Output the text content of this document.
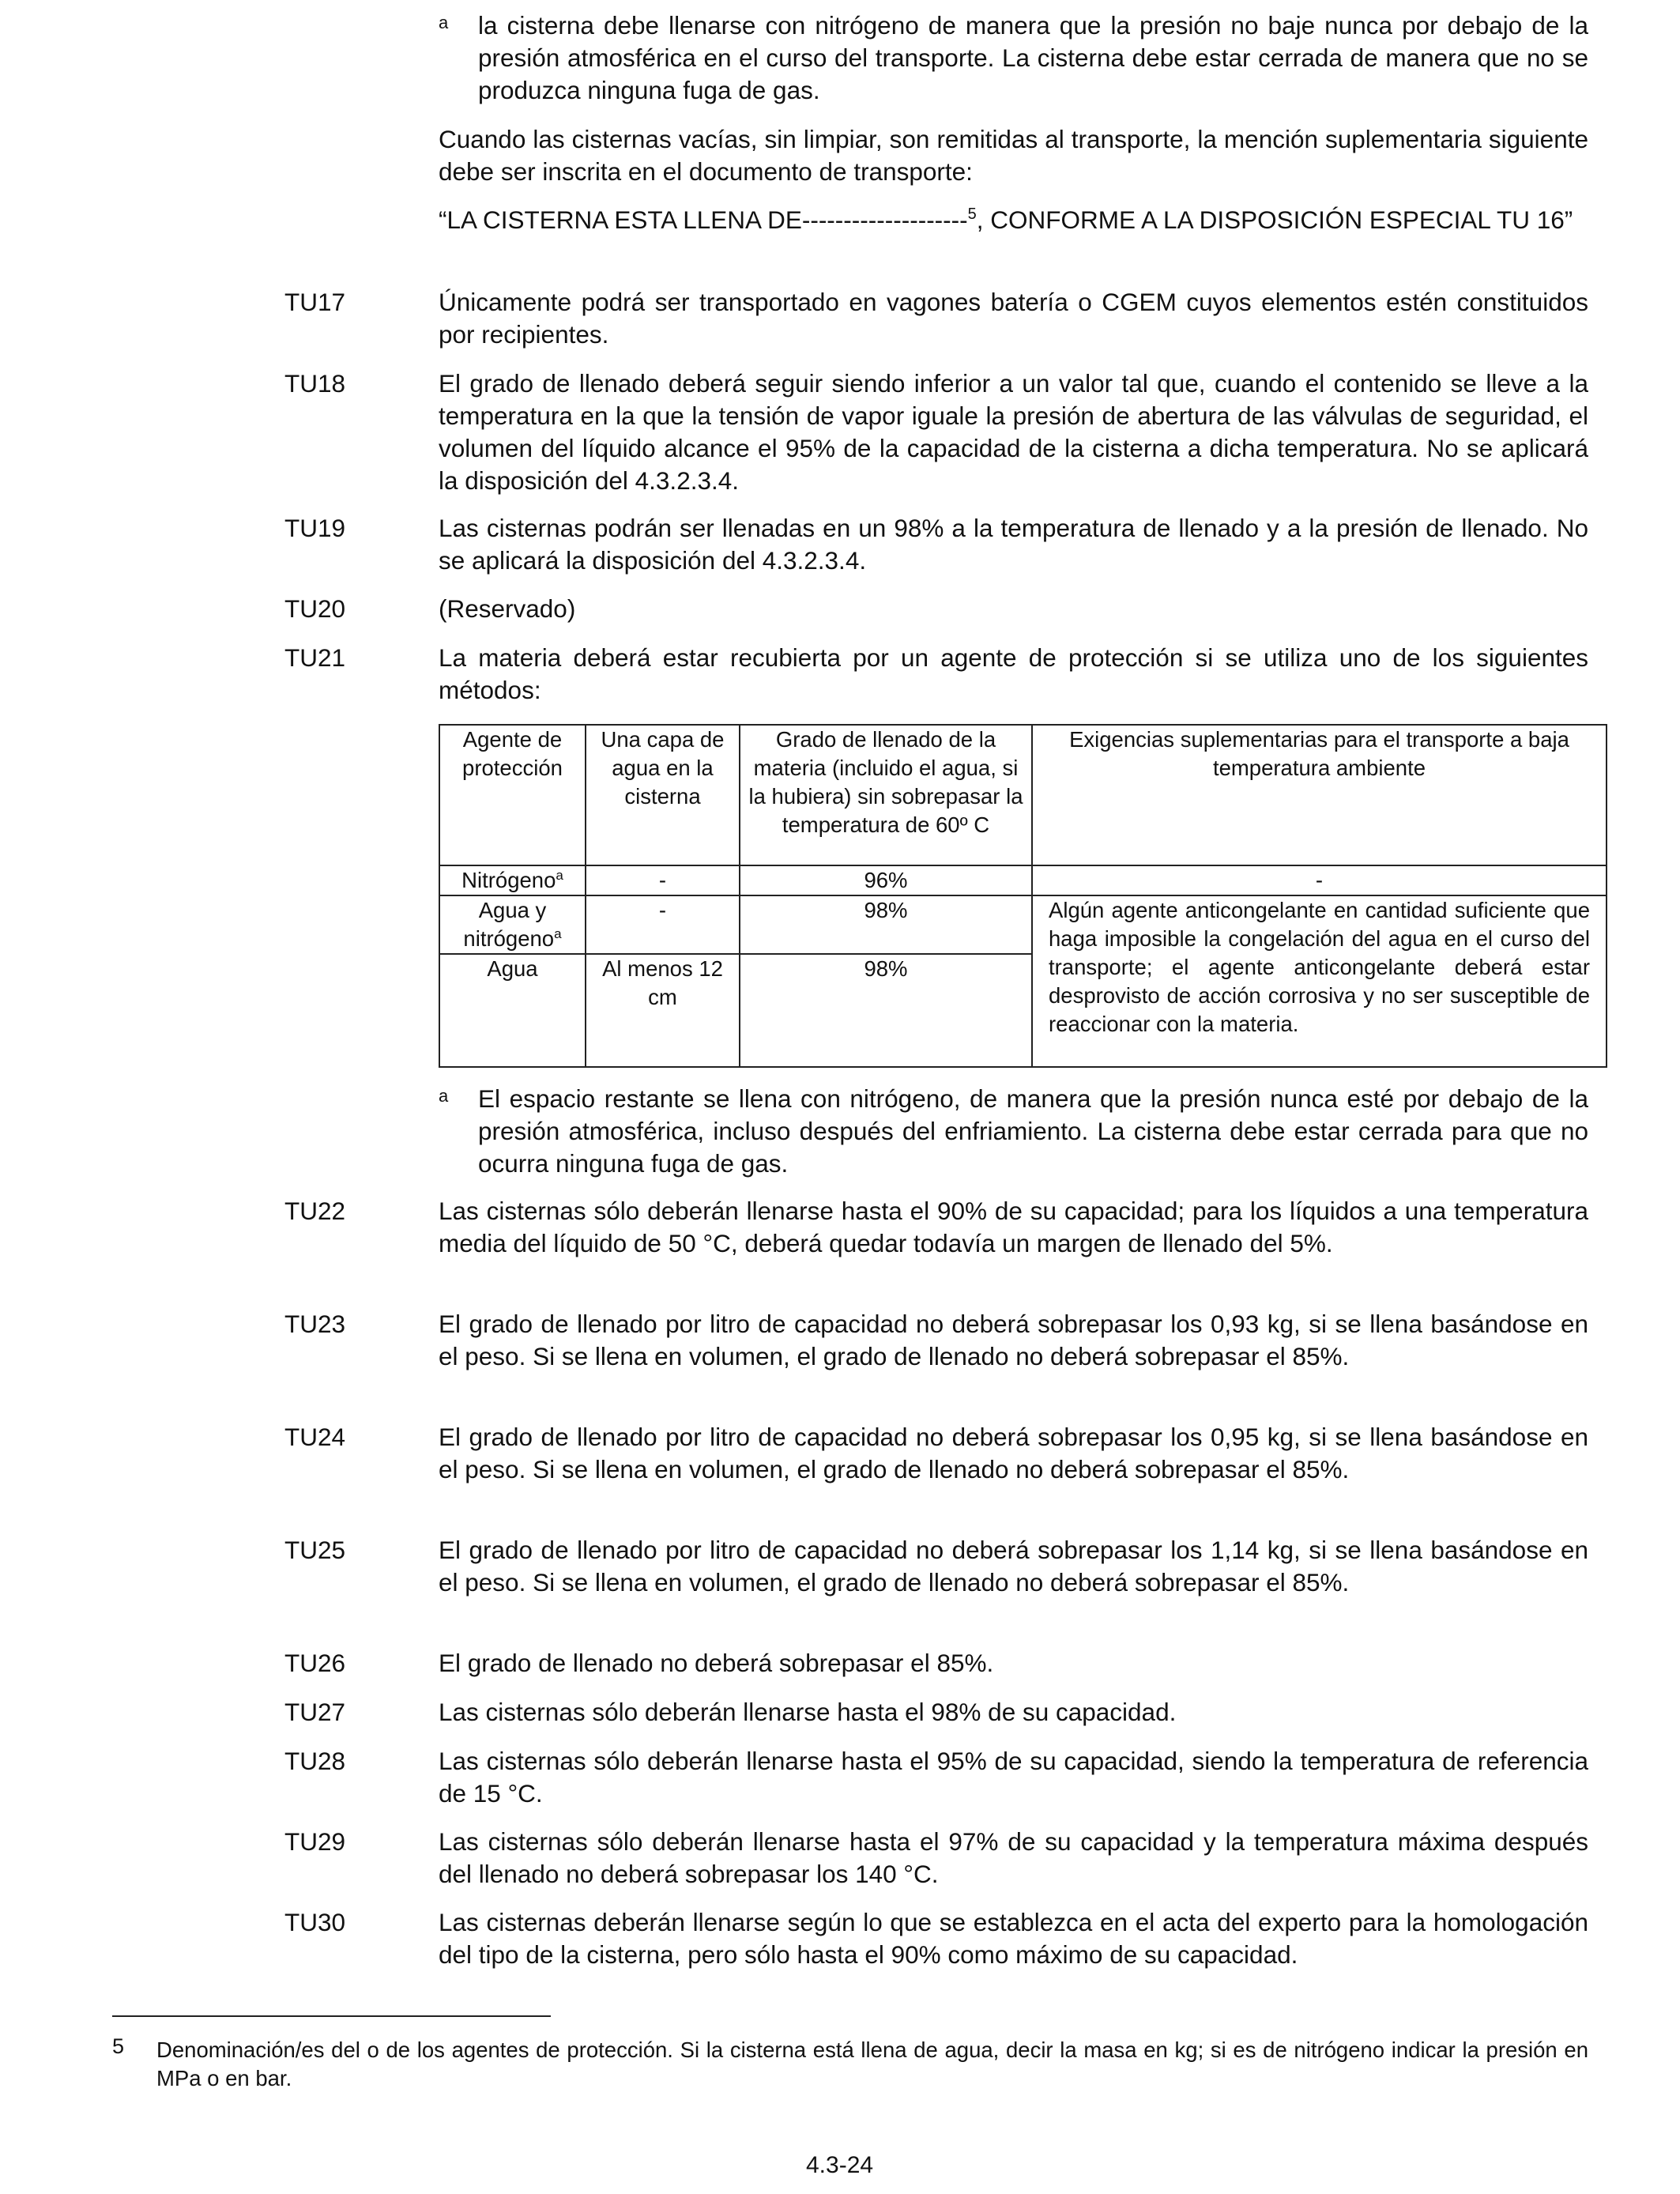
a la cisterna debe llenarse con nitrógeno de manera que la presión no baje nunca por debajo de la presión atmosférica en el curso del transporte. La cisterna debe estar cerrada de manera que no se produzca ninguna fuga de gas.
Cuando las cisternas vacías, sin limpiar, son remitidas al transporte, la mención suplementaria siguiente debe ser inscrita en el documento de transporte:
“LA CISTERNA ESTA LLENA DE--------------------$^5$, CONFORME A LA DISPOSICIÓN ESPECIAL TU 16”
TU17	Únicamente podrá ser transportado en vagones batería o CGEM cuyos elementos estén constituidos por recipientes.
TU18	El grado de llenado deberá seguir siendo inferior a un valor tal que, cuando el contenido se lleve a la temperatura en la que la tensión de vapor iguale la presión de abertura de las válvulas de seguridad, el volumen del líquido alcance el 95% de la capacidad de la cisterna a dicha temperatura. No se aplicará la disposición del 4.3.2.3.4.
TU19	Las cisternas podrán ser llenadas en un 98% a la temperatura de llenado y a la presión de llenado. No se aplicará la disposición del 4.3.2.3.4.
TU20	(Reservado)
TU21	La materia deberá estar recubierta por un agente de protección si se utiliza uno de los siguientes métodos:
Agente de protección	Una capa de agua en la cisterna	Grado de llenado de la materia (incluido el agua, si la hubiera) sin sobrepasar la temperatura de 60º C	Exigencias suplementarias para el transporte a baja temperatura ambiente
Nitrógeno$^a$	-	96%	-
Agua y nitrógeno$^a$	-	98%	Algún agente anticongelante en cantidad suficiente que haga imposible la congelación del agua en el curso del transporte; el agente anticongelante deberá estar desprovisto de acción corrosiva y no ser susceptible de reaccionar con la materia.
Agua	Al menos 12 cm	98%	
a El espacio restante se llena con nitrógeno, de manera que la presión nunca esté por debajo de la presión atmosférica, incluso después del enfriamiento. La cisterna debe estar cerrada para que no ocurra ninguna fuga de gas.
TU22	Las cisternas sólo deberán llenarse hasta el 90% de su capacidad; para los líquidos a una temperatura media del líquido de 50 °C, deberá quedar todavía un margen de llenado del 5%.
TU23	El grado de llenado por litro de capacidad no deberá sobrepasar los 0,93 kg, si se llena basándose en el peso. Si se llena en volumen, el grado de llenado no deberá sobrepasar el 85%.
TU24	El grado de llenado por litro de capacidad no deberá sobrepasar los 0,95 kg, si se llena basándose en el peso. Si se llena en volumen, el grado de llenado no deberá sobrepasar el 85%.
TU25	El grado de llenado por litro de capacidad no deberá sobrepasar los 1,14 kg, si se llena basándose en el peso. Si se llena en volumen, el grado de llenado no deberá sobrepasar el 85%.
TU26	El grado de llenado no deberá sobrepasar el 85%.
TU27	Las cisternas sólo deberán llenarse hasta el 98% de su capacidad.
TU28	Las cisternas sólo deberán llenarse hasta el 95% de su capacidad, siendo la temperatura de referencia de 15 °C.
TU29	Las cisternas sólo deberán llenarse hasta el 97% de su capacidad y la temperatura máxima después del llenado no deberá sobrepasar los 140 °C.
TU30	Las cisternas deberán llenarse según lo que se establezca en el acta del experto para la homologación del tipo de la cisterna, pero sólo hasta el 90% como máximo de su capacidad.
5 Denominación/es del o de los agentes de protección. Si la cisterna está llena de agua, decir la masa en kg; si es de nitrógeno indicar la presión en MPa o en bar.
4.3-24
